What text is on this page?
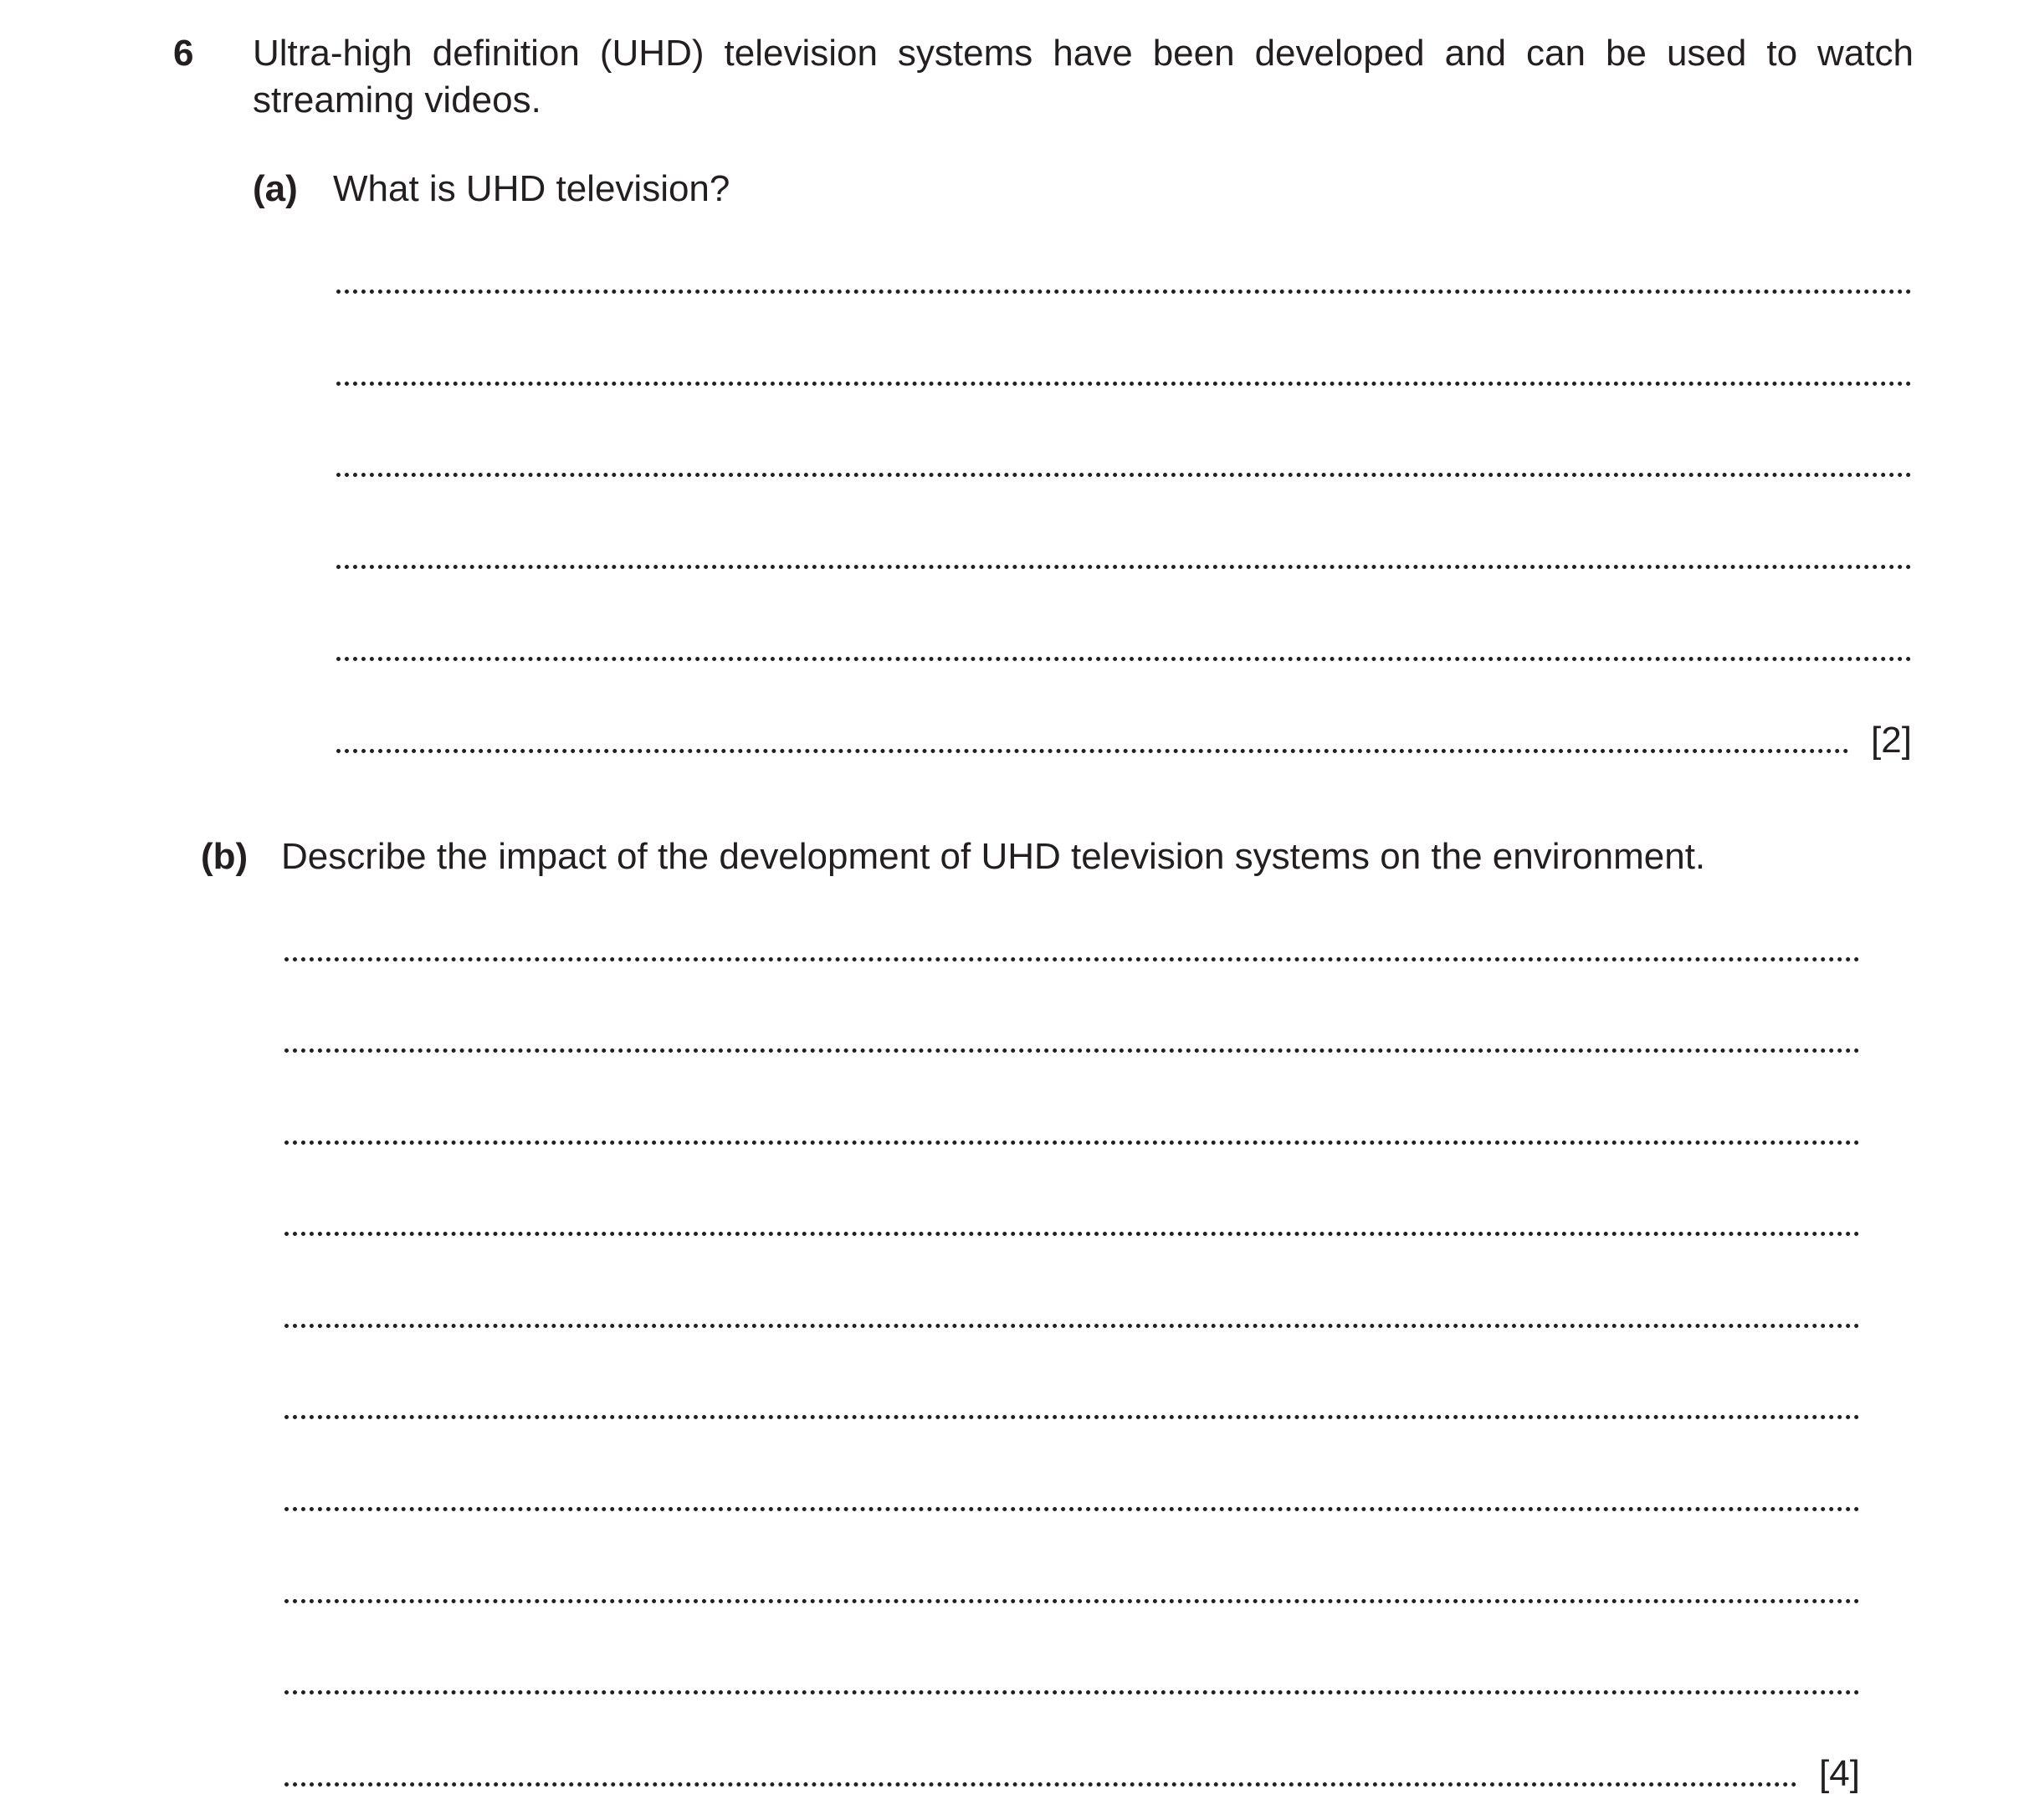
6 Ultra-high definition (UHD) television systems have been developed and can be used to watch streaming videos.
(a) What is UHD television?
[2]
(b) Describe the impact of the development of UHD television systems on the environment.
[4]
